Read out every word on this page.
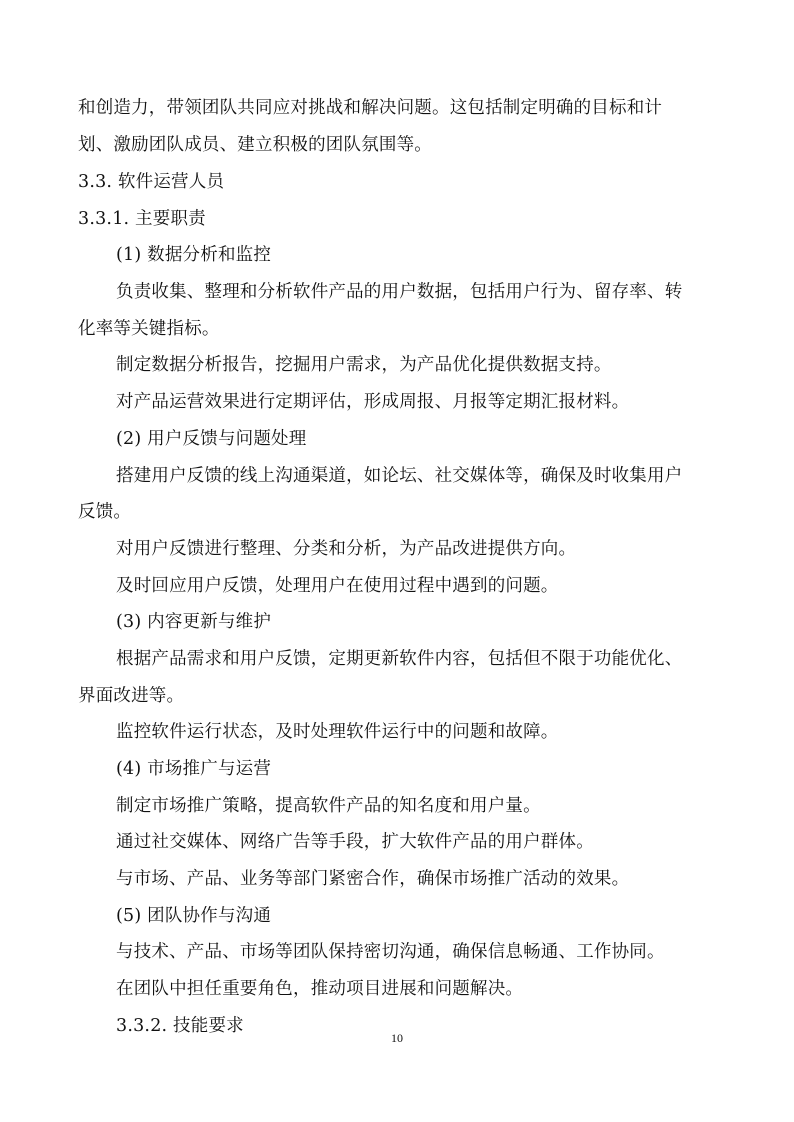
和创造力，带领团队共同应对挑战和解决问题。这包括制定明确的目标和计
划、激励团队成员、建立积极的团队氛围等。
3.3. 软件运营人员
3.3.1. 主要职责
(1) 数据分析和监控
负责收集、整理和分析软件产品的用户数据，包括用户行为、留存率、转
化率等关键指标。
制定数据分析报告，挖掘用户需求，为产品优化提供数据支持。
对产品运营效果进行定期评估，形成周报、月报等定期汇报材料。
(2) 用户反馈与问题处理
搭建用户反馈的线上沟通渠道，如论坛、社交媒体等，确保及时收集用户
反馈。
对用户反馈进行整理、分类和分析，为产品改进提供方向。
及时回应用户反馈，处理用户在使用过程中遇到的问题。
(3) 内容更新与维护
根据产品需求和用户反馈，定期更新软件内容，包括但不限于功能优化、
界面改进等。
监控软件运行状态，及时处理软件运行中的问题和故障。
(4) 市场推广与运营
制定市场推广策略，提高软件产品的知名度和用户量。
通过社交媒体、网络广告等手段，扩大软件产品的用户群体。
与市场、产品、业务等部门紧密合作，确保市场推广活动的效果。
(5) 团队协作与沟通
与技术、产品、市场等团队保持密切沟通，确保信息畅通、工作协同。
在团队中担任重要角色，推动项目进展和问题解决。
3.3.2. 技能要求
10
